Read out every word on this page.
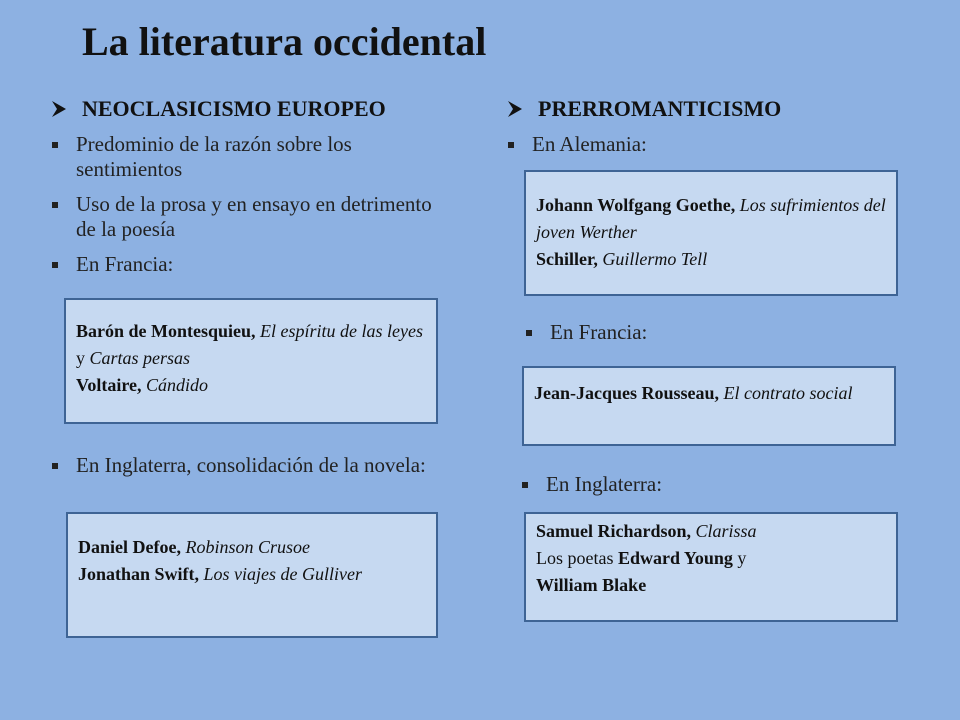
La literatura occidental
NEOCLASICISMO EUROPEO
Predominio de la razón sobre los sentimientos
Uso de la prosa y en ensayo en detrimento de la poesía
En Francia:
Barón de Montesquieu, El espíritu de las leyes y Cartas persas
Voltaire, Cándido
En Inglaterra, consolidación de la novela:
Daniel Defoe, Robinson Crusoe
Jonathan Swift, Los viajes de Gulliver
PRERROMANTICISMO
En Alemania:
Johann Wolfgang Goethe, Los sufrimientos del joven Werther
Schiller, Guillermo Tell
En Francia:
Jean-Jacques Rousseau, El contrato social
En Inglaterra:
Samuel Richardson, Clarissa
Los poetas Edward Young y
William Blake
